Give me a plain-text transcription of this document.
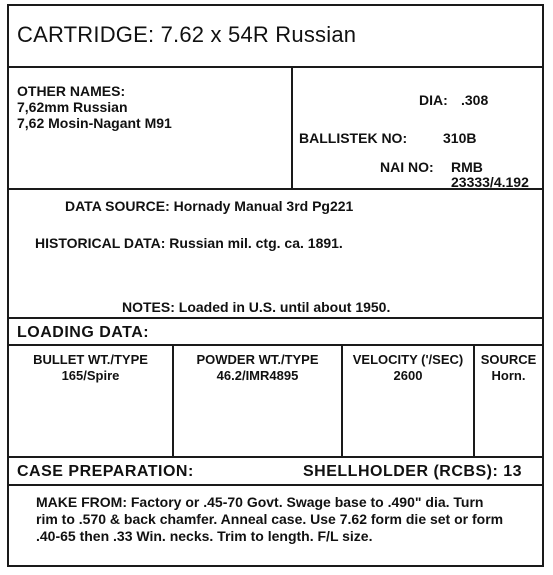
CARTRIDGE: 7.62 x 54R Russian
OTHER NAMES:
7,62mm Russian
7,62 Mosin-Nagant M91
DIA: .308
BALLISTEK NO:	310B
NAI NO: RMB
23333/4.192
DATA SOURCE: Hornady Manual 3rd Pg221
HISTORICAL DATA: Russian mil. ctg. ca. 1891.
NOTES: Loaded in U.S. until about 1950.
LOADING DATA:
BULLET WT./TYPE	POWDER WT./TYPE	VELOCITY ('/SEC)	SOURCE
165/Spire	46.2/IMR4895	2600	Horn.
CASE PREPARATION:	SHELLHOLDER (RCBS): 13
MAKE FROM: Factory or .45-70 Govt. Swage base to .490" dia. Turn rim to .570 & back chamfer. Anneal case. Use 7.62 form die set or form .40-65 then .33 Win. necks. Trim to length. F/L size.
